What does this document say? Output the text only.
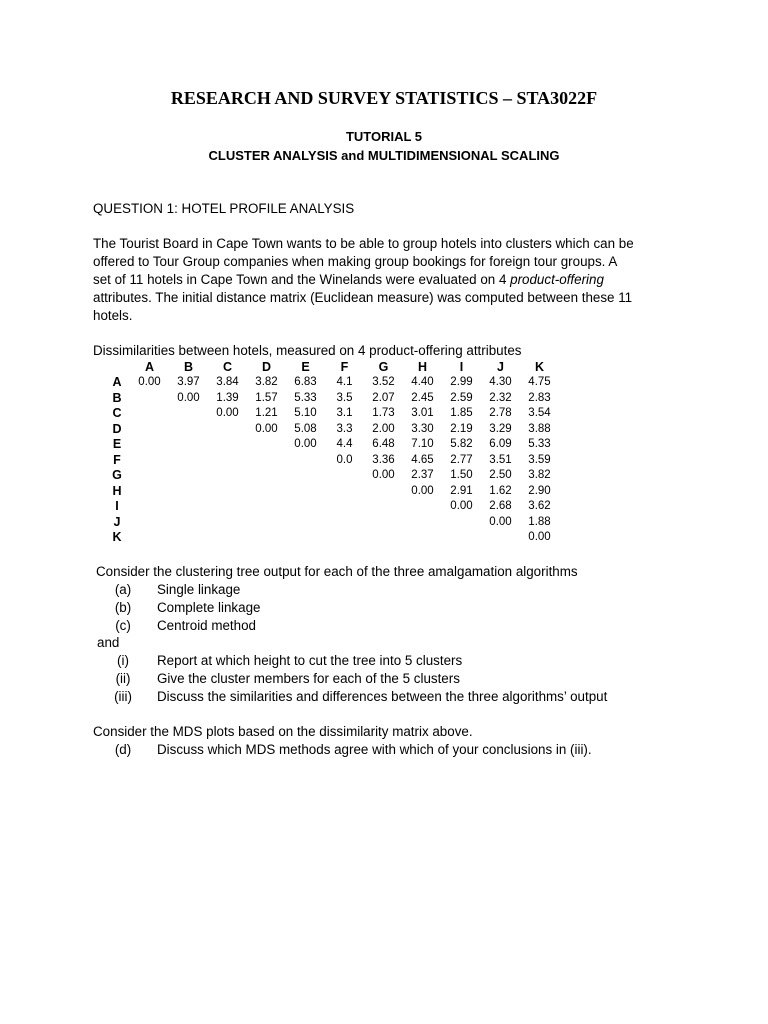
RESEARCH AND SURVEY STATISTICS – STA3022F
TUTORIAL 5
CLUSTER ANALYSIS and MULTIDIMENSIONAL SCALING
QUESTION 1: HOTEL PROFILE ANALYSIS
The Tourist Board in Cape Town wants to be able to group hotels into clusters which can be
offered to Tour Group companies when making group bookings for foreign tour groups. A
set of 11 hotels in Cape Town and the Winelands were evaluated on 4 product-offering
attributes. The initial distance matrix (Euclidean measure) was computed between these 11
hotels.
Dissimilarities between hotels, measured on 4 product-offering attributes
	A	B	C	D	E	F	G	H	I	J	K
A	0.00	3.97	3.84	3.82	6.83	4.1	3.52	4.40	2.99	4.30	4.75
B		0.00	1.39	1.57	5.33	3.5	2.07	2.45	2.59	2.32	2.83
C			0.00	1.21	5.10	3.1	1.73	3.01	1.85	2.78	3.54
D				0.00	5.08	3.3	2.00	3.30	2.19	3.29	3.88
E					0.00	4.4	6.48	7.10	5.82	6.09	5.33
F						0.0	3.36	4.65	2.77	3.51	3.59
G							0.00	2.37	1.50	2.50	3.82
H								0.00	2.91	1.62	2.90
I									0.00	2.68	3.62
J										0.00	1.88
K											0.00
Consider the clustering tree output for each of the three amalgamation algorithms
(a)	Single linkage
(b)	Complete linkage
(c)	Centroid method
and
(i)	Report at which height to cut the tree into 5 clusters
(ii)	Give the cluster members for each of the 5 clusters
(iii)	Discuss the similarities and differences between the three algorithms’ output
Consider the MDS plots based on the dissimilarity matrix above.
(d)	Discuss which MDS methods agree with which of your conclusions in (iii).
